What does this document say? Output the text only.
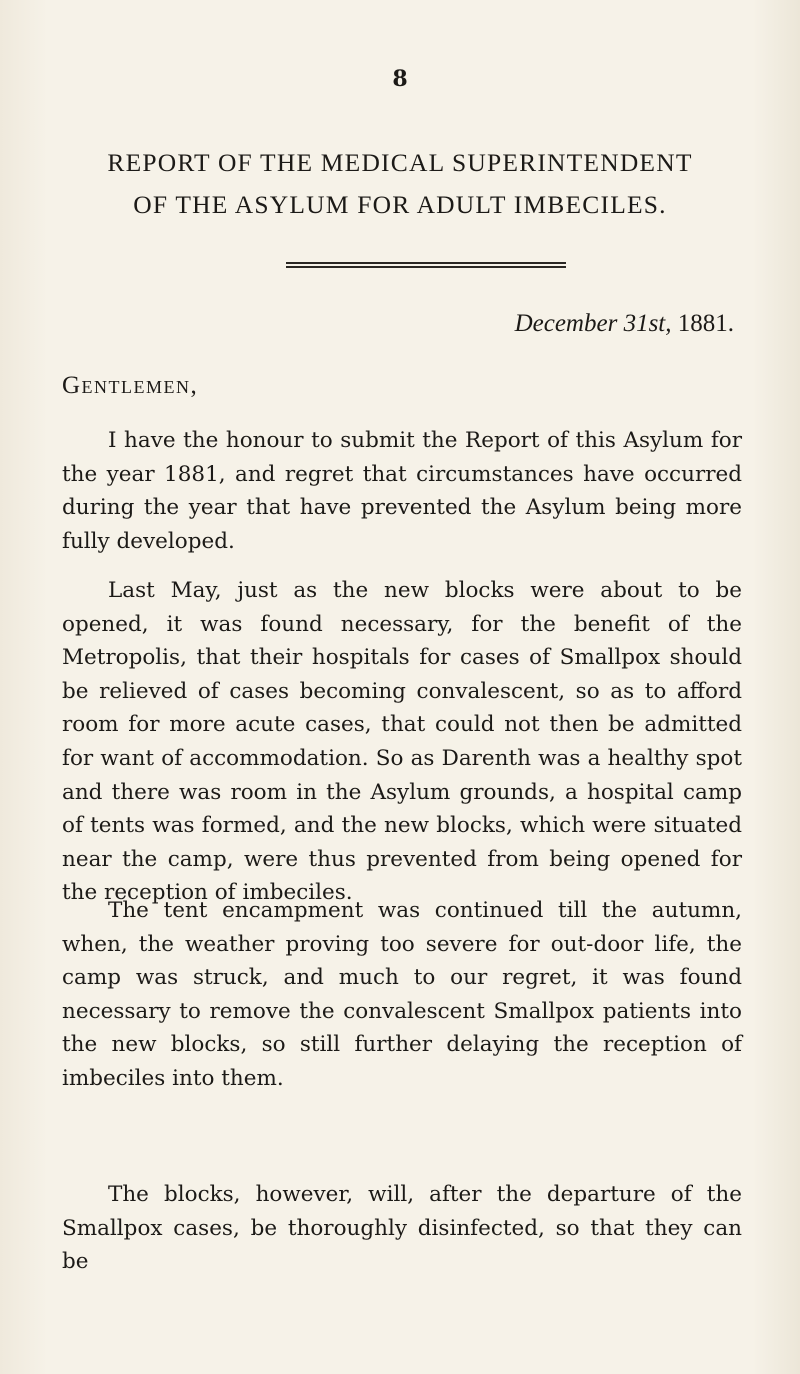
8
REPORT OF THE MEDICAL SUPERINTENDENT
OF THE ASYLUM FOR ADULT IMBECILES.
December 31st, 1881.
Gentlemen,

I have the honour to submit the Report of this Asylum for the year 1881, and regret that circumstances have occurred during the year that have prevented the Asylum being more fully developed.

Last May, just as the new blocks were about to be opened, it was found necessary, for the benefit of the Metropolis, that their hospitals for cases of Smallpox should be relieved of cases becoming convalescent, so as to afford room for more acute cases, that could not then be admitted for want of accommodation. So as Darenth was a healthy spot and there was room in the Asylum grounds, a hospital camp of tents was formed, and the new blocks, which were situated near the camp, were thus prevented from being opened for the reception of imbeciles.

The tent encampment was continued till the autumn, when, the weather proving too severe for out-door life, the camp was struck, and much to our regret, it was found necessary to remove the convalescent Smallpox patients into the new blocks, so still further delaying the reception of imbeciles into them.

The blocks, however, will, after the departure of the Smallpox cases, be thoroughly disinfected, so that they can be
